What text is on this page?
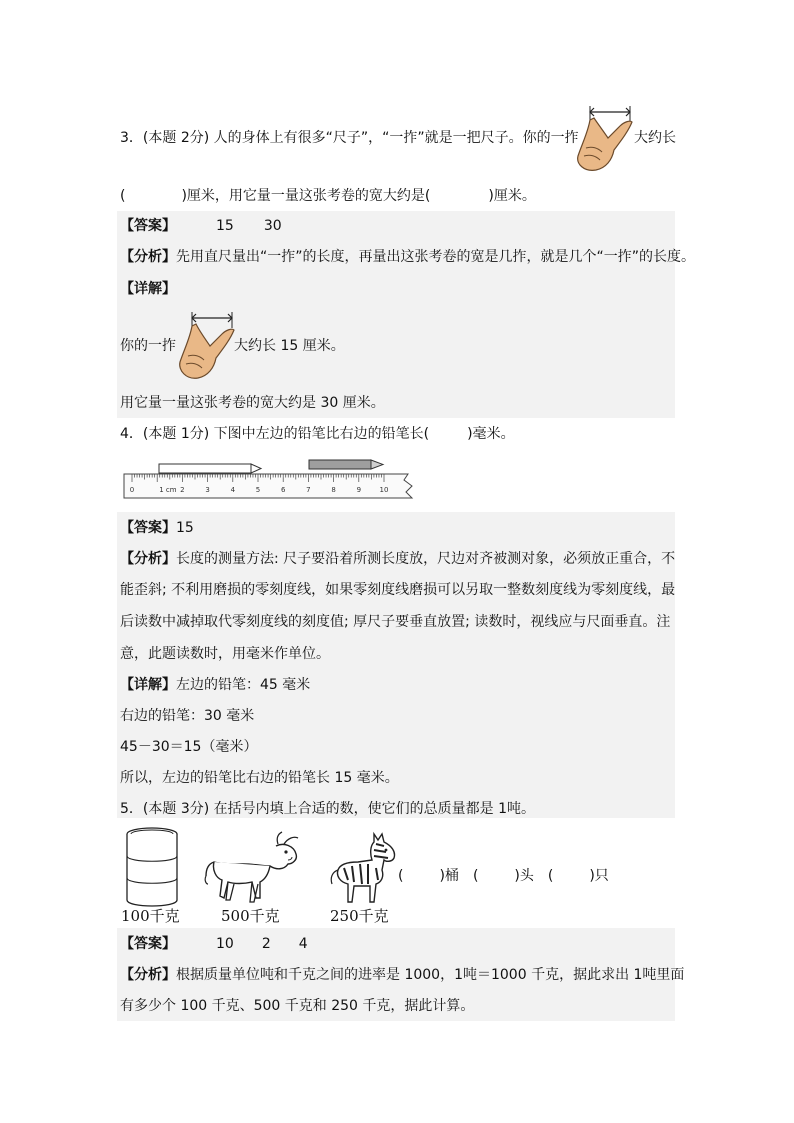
3．(本题 2分) 人的身体上有很多“尺子”，“一拃”就是一把尺子。你的一拃	大约长
(	)厘米，用它量一量这张考卷的宽大约是(	)厘米。
【答案】	15 30
【分析】先用直尺量出“一拃”的长度，再量出这张考卷的宽是几拃，就是几个“一拃”的长度。
【详解】
你的一拃	大约长 15 厘米。
用它量一量这张考卷的宽大约是 30 厘米。
4．(本题 1分) 下图中左边的铅笔比右边的铅笔长(	)毫米。
0	1 cm 2	3	4	5	6	7	8	9	10
【答案】15
【分析】长度的测量方法: 尺子要沿着所测长度放，尺边对齐被测对象，必须放正重合，不
能歪斜; 不利用磨损的零刻度线，如果零刻度线磨损可以另取一整数刻度线为零刻度线，最
后读数中减掉取代零刻度线的刻度值; 厚尺子要垂直放置; 读数时，视线应与尺面垂直。注
意，此题读数时，用毫米作单位。
【详解】左边的铅笔：45 毫米
右边的铅笔：30 毫米
45－30＝15（毫米）
所以，左边的铅笔比右边的铅笔长 15 毫米。
5．(本题 3分) 在括号内填上合适的数，使它们的总质量都是 1吨。
100千克	500千克	250千克
(	)桶 (	)头 (	)只
【答案】	10 2 4
【分析】根据质量单位吨和千克之间的进率是 1000，1吨＝1000 千克，据此求出 1吨里面
有多少个 100 千克、500 千克和 250 千克，据此计算。
